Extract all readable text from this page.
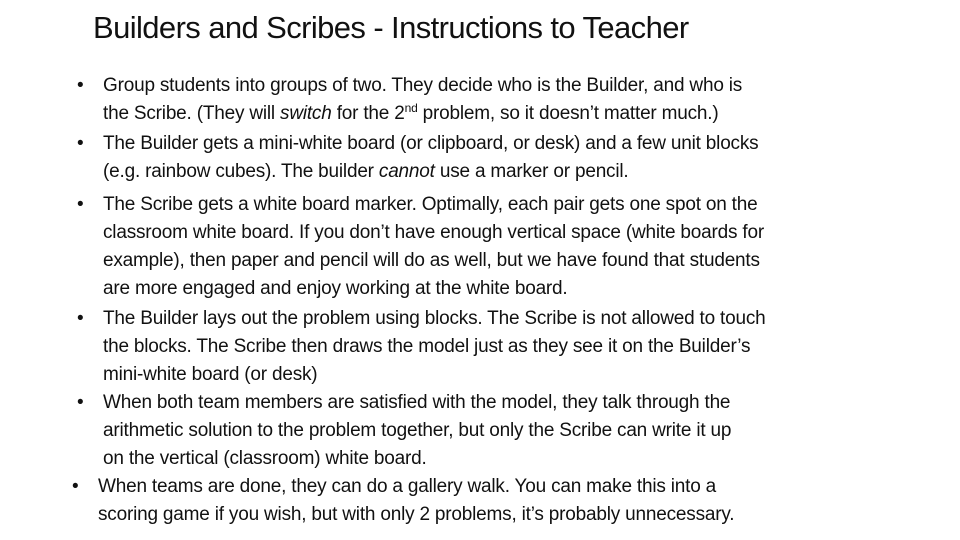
Builders and Scribes - Instructions to Teacher
• Group students into groups of two. They decide who is the Builder, and who is
the Scribe. (They will switch for the 2nd problem, so it doesn’t matter much.)
• The Builder gets a mini-white board (or clipboard, or desk) and a few unit blocks
(e.g. rainbow cubes). The builder cannot use a marker or pencil.
• The Scribe gets a white board marker. Optimally, each pair gets one spot on the
classroom white board. If you don’t have enough vertical space (white boards for
example), then paper and pencil will do as well, but we have found that students
are more engaged and enjoy working at the white board.
• The Builder lays out the problem using blocks. The Scribe is not allowed to touch
the blocks. The Scribe then draws the model just as they see it on the Builder’s
mini-white board (or desk)
• When both team members are satisfied with the model, they talk through the
arithmetic solution to the problem together, but only the Scribe can write it up
on the vertical (classroom) white board.
• When teams are done, they can do a gallery walk. You can make this into a
scoring game if you wish, but with only 2 problems, it’s probably unnecessary.
